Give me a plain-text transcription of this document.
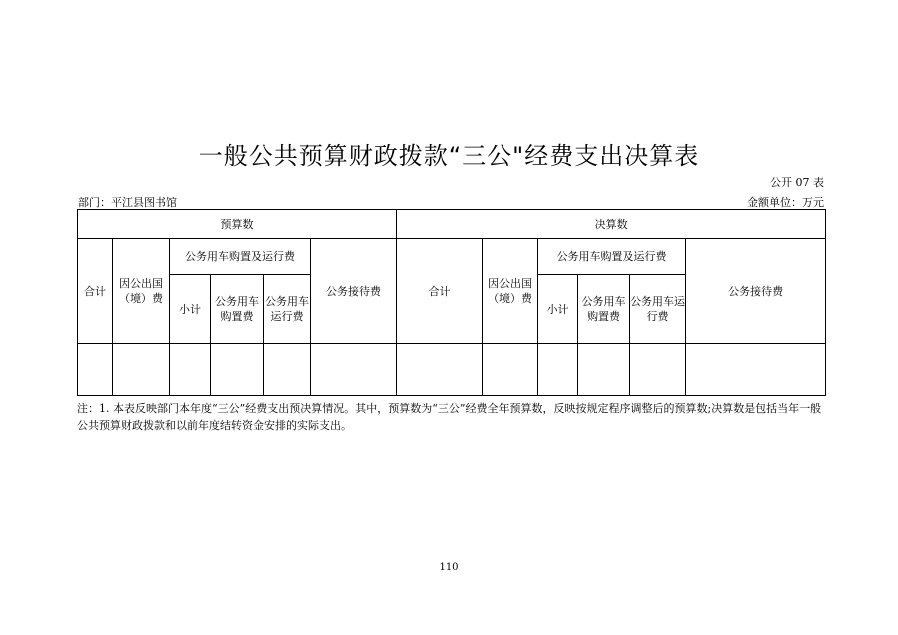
一般公共预算财政拨款“三公"经费支出决算表
公开 07 表
部门：平江县图书馆	金额单位：万元
预算数						决算数					
合计	因公出国（境）费	公务用车购置及运行费			公务接待费	合计	因公出国（境）费	公务用车购置及运行费			公务接待费
		小计	公务用车购置费	公务用车运行费				小计	公务用车购置费	公务用车运行费	

注：1. 本表反映部门本年度“三公”经费支出预决算情况。其中，预算数为“三公”经费全年预算数，反映按规定程序调整后的预算数;决算数是包括当年一般公共预算财政拨款和以前年度结转资金安排的实际支出。
110
